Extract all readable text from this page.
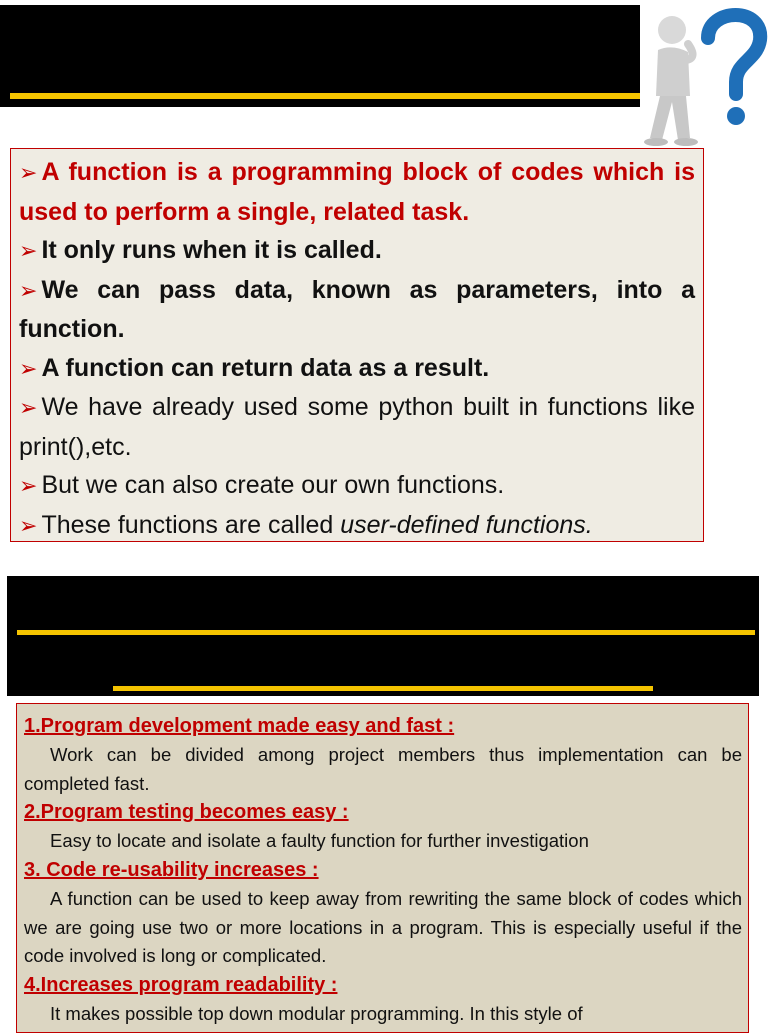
➢ A function is a programming block of codes which is used to perform a single, related task.

➢ It only runs when it is called.

➢ We can pass data, known as parameters, into a function.

➢ A function can return data as a result.

➢ We have already used some python built in functions like print(),etc.

➢ But we can also create our own functions.

➢ These functions are called user-defined functions.

1.Program development made easy and fast :

Work can be divided among project members thus implementation can be completed fast.

2.Program testing becomes easy :

Easy to locate and isolate a faulty function for further investigation

3. Code re-usability increases :

A function can be used to keep away from rewriting the same block of codes which we are going use two or more locations in a program. This is especially useful if the code involved is long or complicated.

4.Increases program readability :

It makes possible top down modular programming. In this style of
